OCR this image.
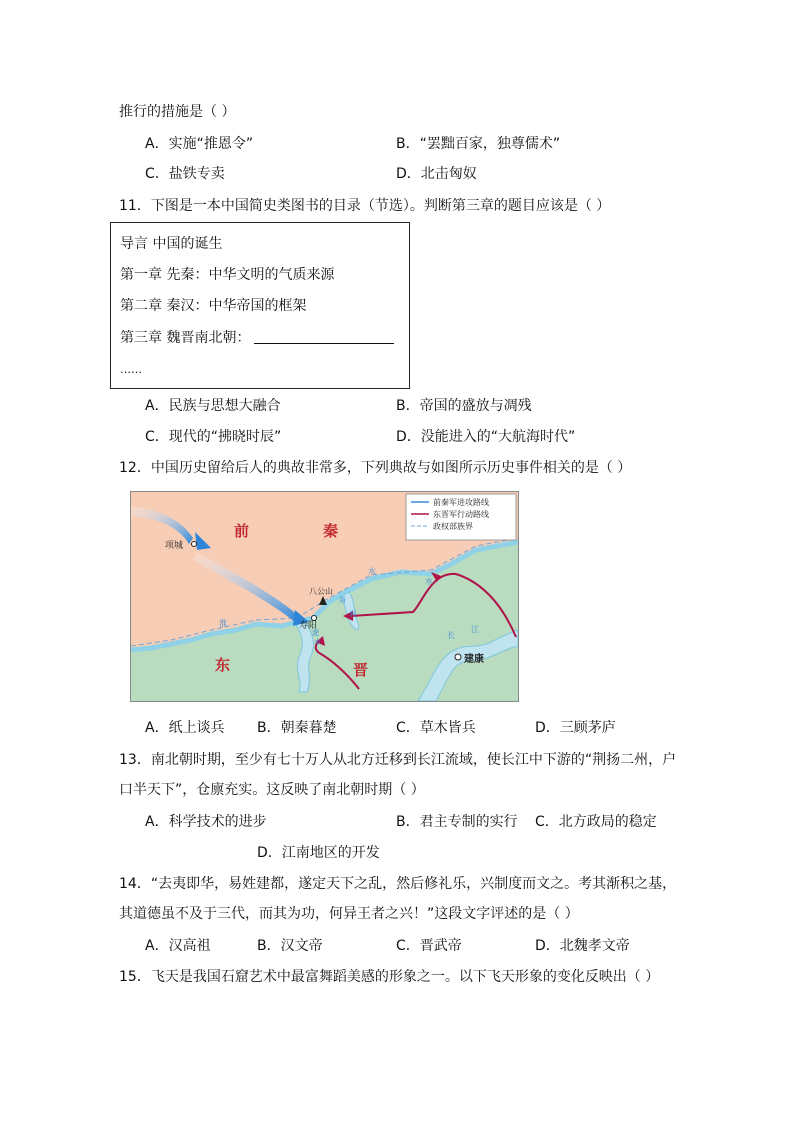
推行的措施是（ ）
A．实施“推恩令”	B．“罢黜百家，独尊儒术”
C．盐铁专卖	D．北击匈奴
11．下图是一本中国简史类图书的目录（节选）。判断第三章的题目应该是（ ）
导言 中国的诞生
第一章 先秦：中华文明的气质来源
第二章 秦汉：中华帝国的框架
第三章 魏晋南北朝：
……
A．民族与思想大融合	B．帝国的盛放与凋残
C．现代的“拂晓时辰”	D．没能进入的“大航海时代”
12．中国历史留给后人的典故非常多，下列典故与如图所示历史事件相关的是（ ）
前秦军进攻路线
东晋军行动路线
政权部族界
前	秦
东	晋
项城
八公山
寿阳
建康
淮
水
淝
水
洛
涧
长
江
水
A．纸上谈兵 B．朝秦暮楚	C．草木皆兵	D．三顾茅庐
13．南北朝时期，至少有七十万人从北方迁移到长江流域，使长江中下游的“荆扬二州，户
口半天下”，仓廪充实。这反映了南北朝时期（ ）
A．科学技术的进步	B．君主专制的实行 C．北方政局的稳定
D．江南地区的开发
14．“去夷即华，易姓建都，遂定天下之乱，然后修礼乐，兴制度而文之。考其渐积之基，
其道德虽不及于三代，而其为功，何异王者之兴！”这段文字评述的是（ ）
A．汉高祖	B．汉文帝	C．晋武帝	D．北魏孝文帝
15．飞天是我国石窟艺术中最富舞蹈美感的形象之一。以下飞天形象的变化反映出（ ）
